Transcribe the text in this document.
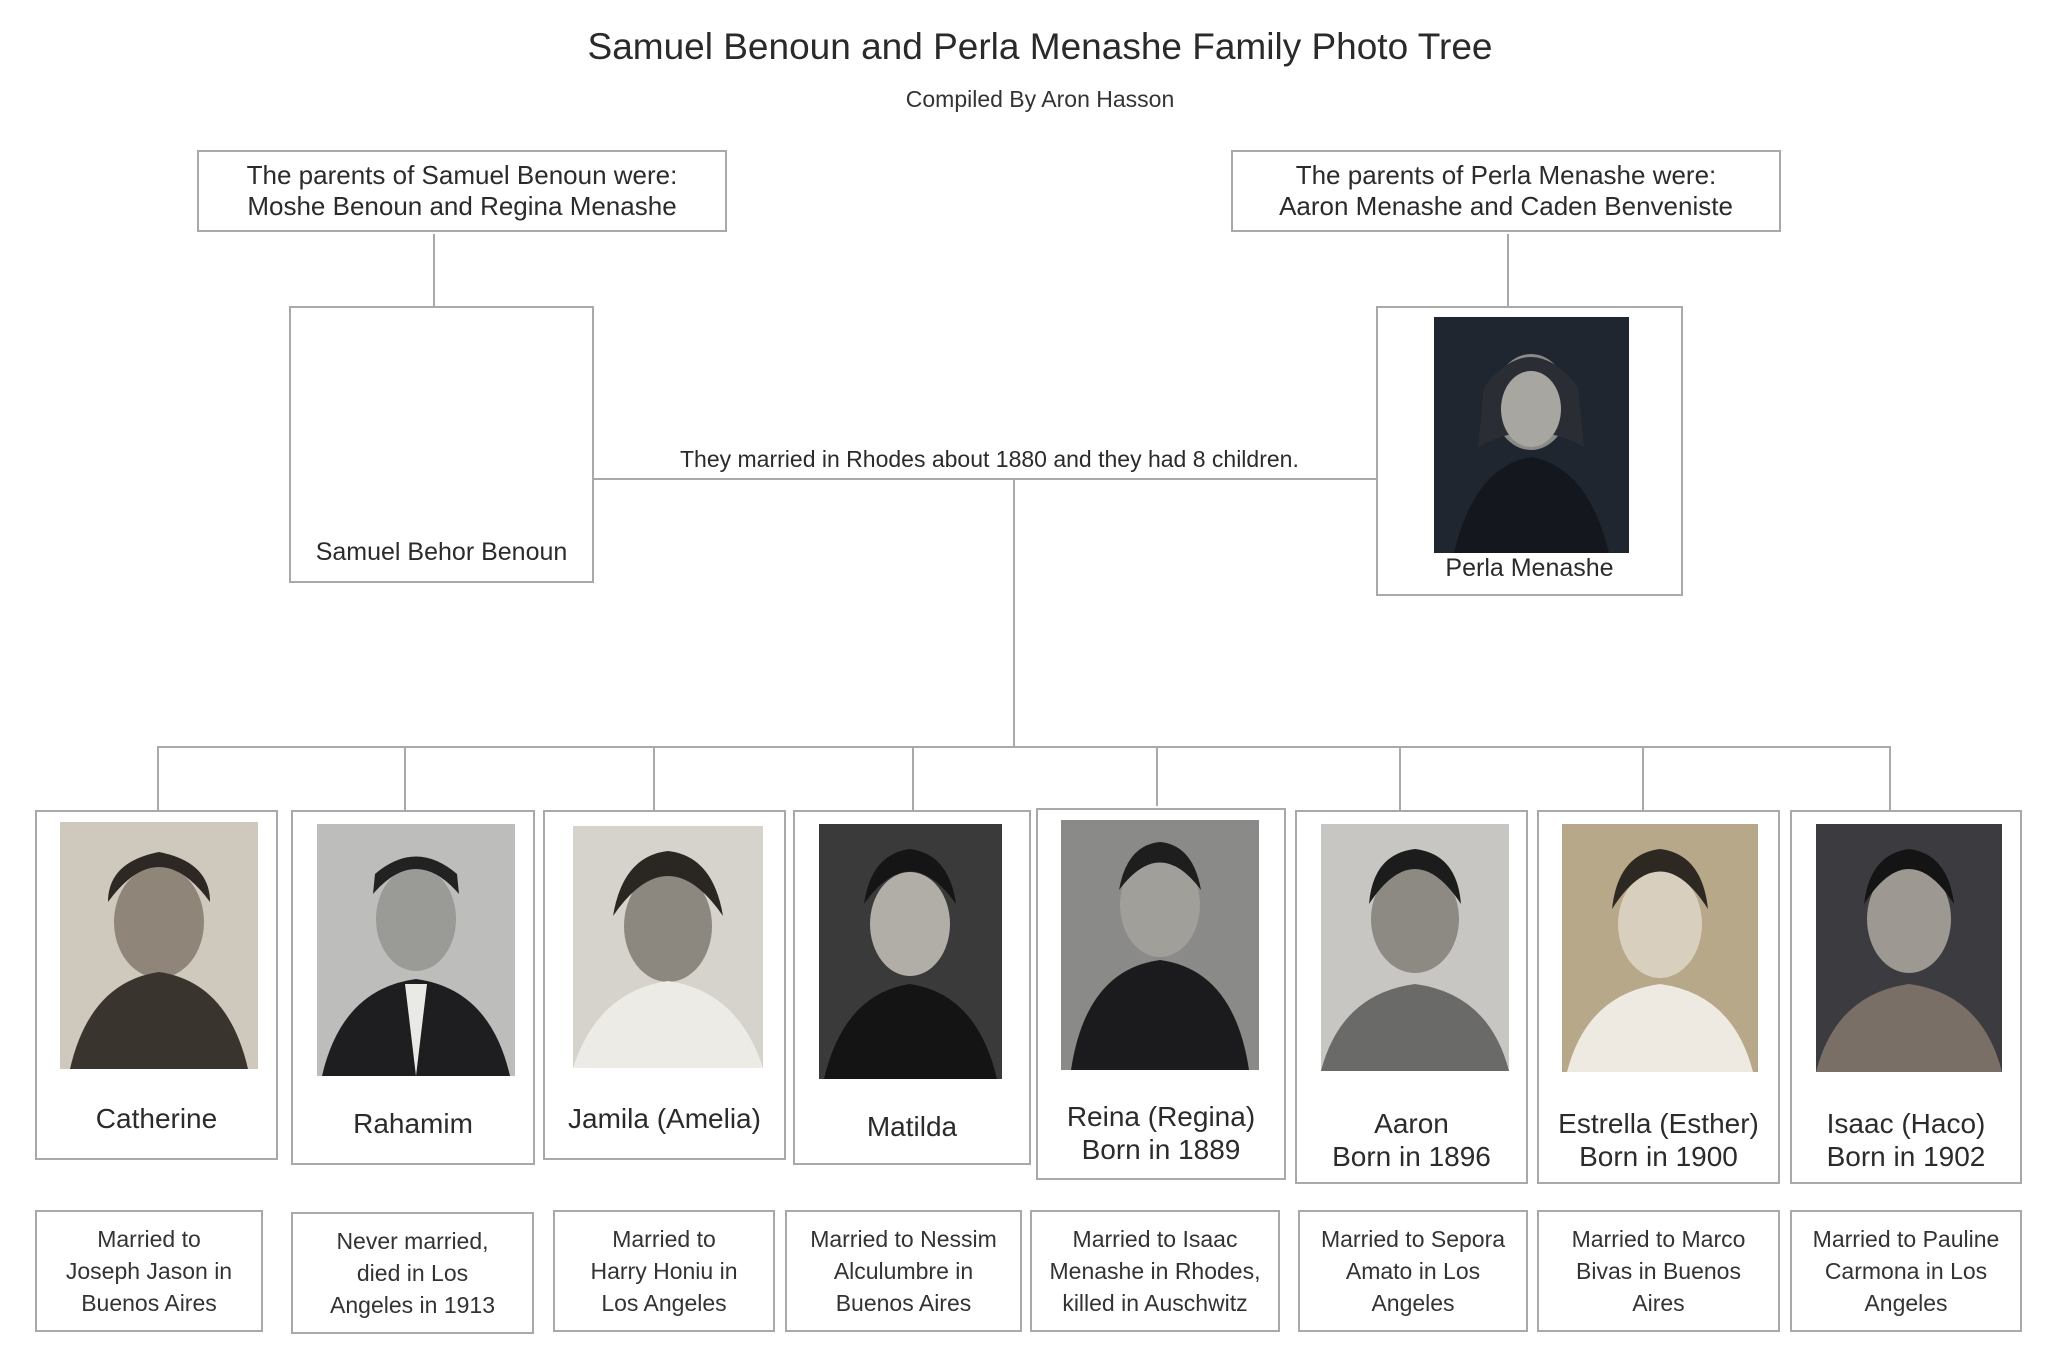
Samuel Benoun and Perla Menashe Family Photo Tree
Compiled By Aron Hasson
The parents of Samuel Benoun were:
Moshe Benoun and Regina Menashe
The parents of Perla Menashe were:
Aaron Menashe and Caden Benveniste
Samuel Behor Benoun
They married in Rhodes about 1880 and they had 8 children.
Perla Menashe
Catherine	Rahamim	Jamila (Amelia)	Matilda	Reina (Regina)
Born in 1889
Aaron
Born in 1896
Estrella (Esther)
Born in 1900
Isaac (Haco)
Born in 1902
Married to
Joseph Jason in
Buenos Aires
Never married,
died in Los
Angeles in 1913
Married to
Harry Honiu in
Los Angeles
Married to Nessim
Alculumbre in
Buenos Aires
Married to Isaac
Menashe in Rhodes,
killed in Auschwitz
Married to Sepora
Amato in Los
Angeles
Married to Marco
Bivas in Buenos
Aires
Married to Pauline
Carmona in Los
Angeles
